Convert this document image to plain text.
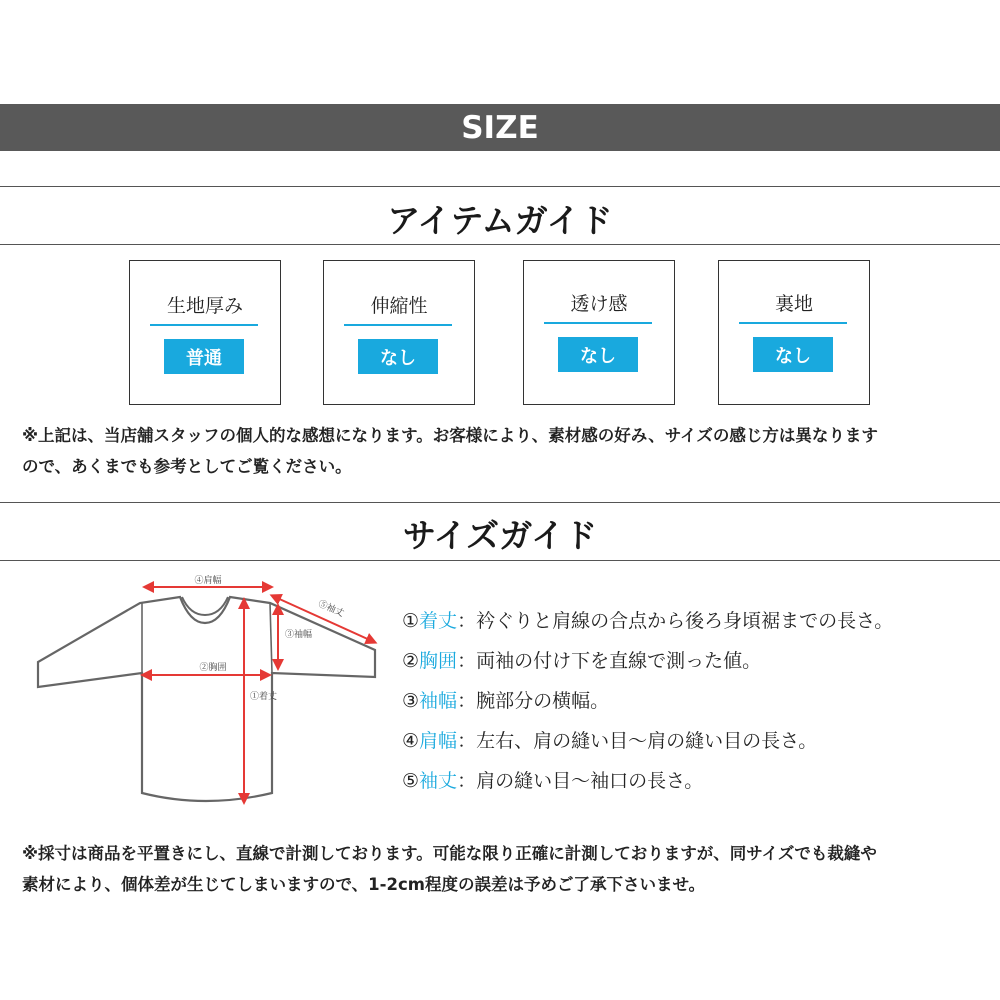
SIZE
アイテムガイド
生地厚み
普通
伸縮性
なし
透け感
なし
裏地
なし
※上記は、当店舗スタッフの個人的な感想になります。お客様により、素材感の好み、サイズの感じ方は異なります
ので、あくまでも参考としてご覧ください。
サイズガイド
④肩幅
⑤袖丈
③袖幅
②胸囲
①着丈
①着丈：衿ぐりと肩線の合点から後ろ身頃裾までの長さ。
②胸囲：両袖の付け下を直線で測った値。
③袖幅：腕部分の横幅。
④肩幅：左右、肩の縫い目〜肩の縫い目の長さ。
⑤袖丈：肩の縫い目〜袖口の長さ。
※採寸は商品を平置きにし、直線で計測しております。可能な限り正確に計測しておりますが、同サイズでも裁縫や
素材により、個体差が生じてしまいますので、1-2cm程度の誤差は予めご了承下さいませ。
